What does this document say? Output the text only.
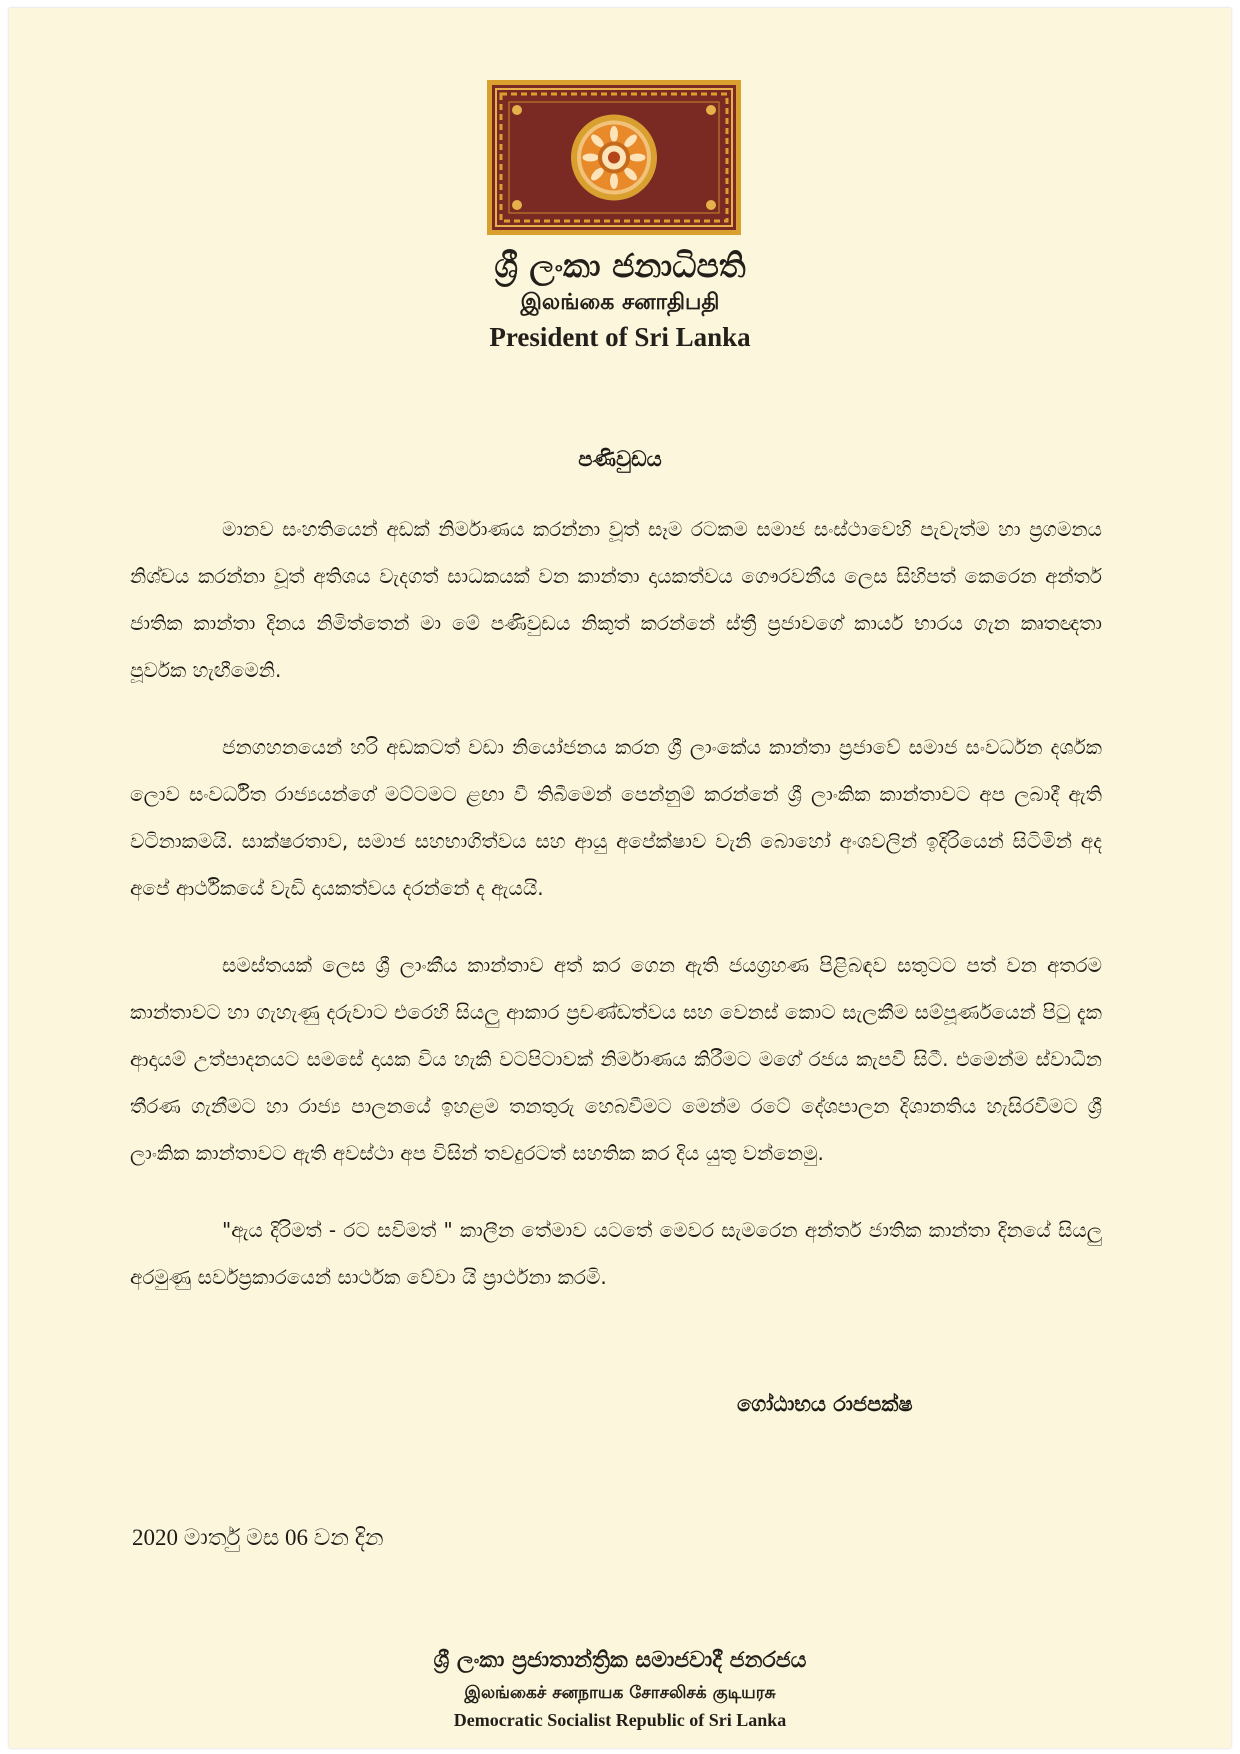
ශ්‍රී ලංකා ජනාධිපති
இலங்கை சனாதிபதி
President of Sri Lanka
පණිවුඩය

මානව සංහතියෙන් අඩක් නිර්මාණය කරන්නා වූත් සෑම රටකම සමාජ සංස්ථාවෙහි පැවැත්ම හා ප්‍රගමනය නිශ්චය කරන්නා වූත් අතිශය වැදගත් සාධකයක් වන කාන්තා දායකත්වය ගෞරවනීය ලෙස සිහිපත් කෙරෙන අන්තර් ජාතික කාන්තා දිනය නිමිත්තෙන් මා මේ පණිවුඩය නිකුත් කරන්නේ ස්ත්‍රී ප්‍රජාවගේ කාර්ය භාරය ගැන කෘතඥතා පූර්වක හැඟීමෙනි.

ජනගහනයෙන් හරි අඩකටත් වඩා නියෝජනය කරන ශ්‍රී ලාංකේය කාන්තා ප්‍රජාවේ සමාජ සංවර්ධන දර්ශක ලොව සංවර්ධිත රාජ්‍යයන්ගේ මට්ටමට ළඟා වී තිබීමෙන් පෙන්නුම් කරන්නේ ශ්‍රී ලාංකික කාන්තාවට අප ලබාදී ඇති වටිනාකමයි. සාක්ෂරතාව, සමාජ සහභාගිත්වය සහ ආයු අපේක්ෂාව වැනි බොහෝ අංශවලින් ඉදිරියෙන් සිටිමින් අද අපේ ආර්ථිකයේ වැඩි දායකත්වය දරන්නේ ද ඇයයි.

සමස්තයක් ලෙස ශ්‍රී ලාංකීය කාන්තාව අත් කර ගෙන ඇති ජයග්‍රහණ පිළිබඳව සතුටට පත් වන අතරම කාන්තාවට හා ගැහැණු දරුවාට එරෙහි සියලු ආකාර ප්‍රචණ්ඩත්වය සහ වෙනස් කොට සැලකීම සම්පූර්ණයෙන් පිටු දැක ආදායම් උත්පාදනයට සමසේ දායක විය හැකි වටපිටාවක් නිර්මාණය කිරීමට මගේ රජය කැපවී සිටී. එමෙන්ම ස්වාධීන තීරණ ගැනීමට හා රාජ්‍ය පාලනයේ ඉහළම තනතුරු හෙබවීමට මෙන්ම රටේ දේශපාලන දිශානතිය හැසිරවීමට ශ්‍රී ලාංකික කාන්තාවට ඇති අවස්ථා අප විසින් තවදුරටත් සහතික කර දිය යුතු වන්නෙමු.

"ඇය දිරිමත් - රට සවිමත් " කාලීන තේමාව යටතේ මෙවර සැමරෙන අන්තර් ජාතික කාන්තා දිනයේ සියලු අරමුණු සර්වප්‍රකාරයෙන් සාර්ථක වේවා යි ප්‍රාර්ථනා කරමි.

ගෝඨාභය රාජපක්ෂ
2020 මාර්තු මස 06 වන දින
ශ්‍රී ලංකා ප්‍රජාතාන්ත්‍රික සමාජවාදී ජනරජය
இலங்கைச் சனநாயக சோசலிசக் குடியரசு
Democratic Socialist Republic of Sri Lanka
